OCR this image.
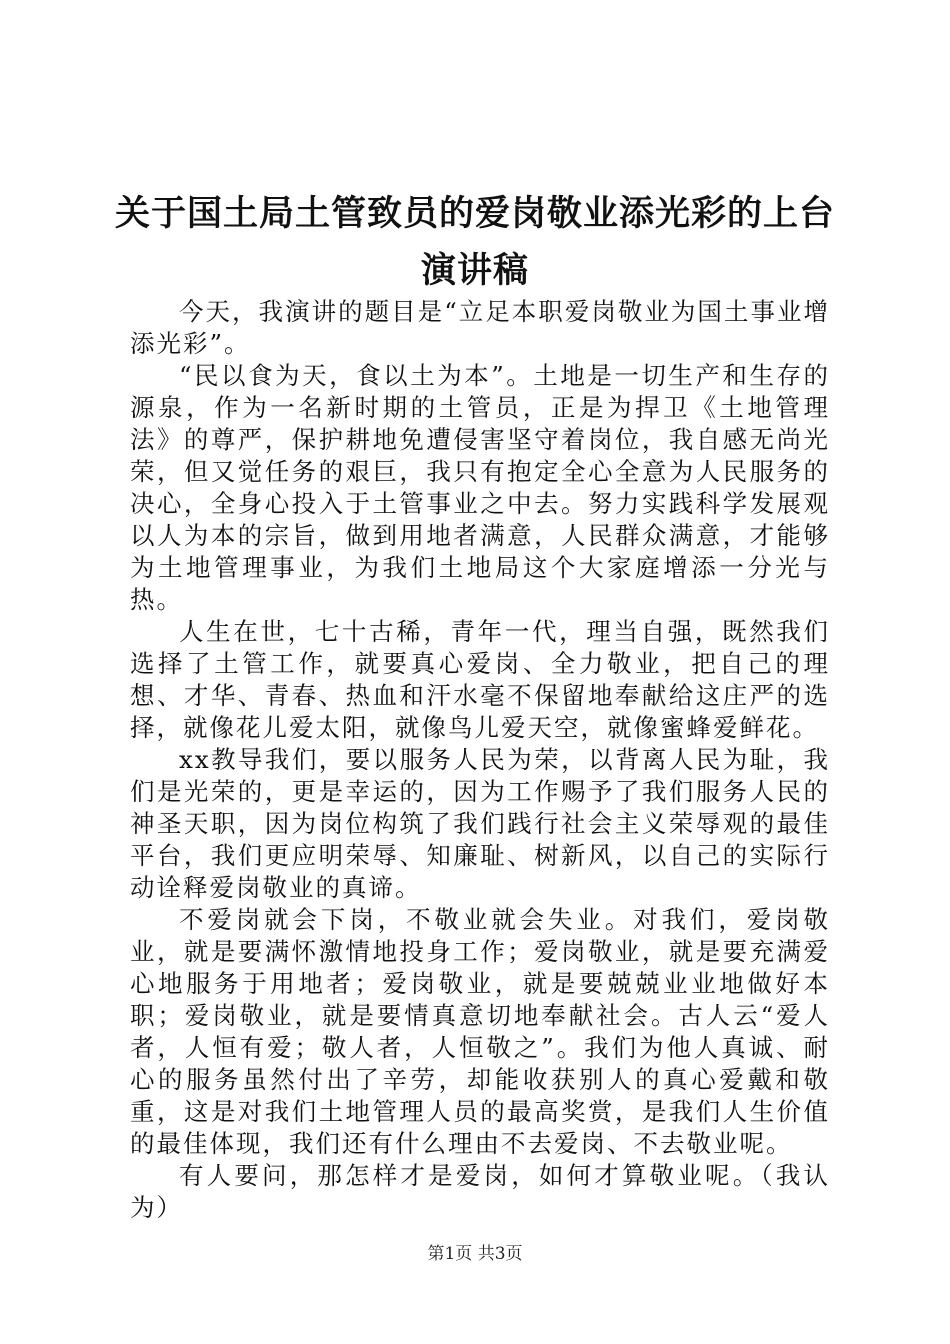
关于国土局土管致员的爱岗敬业添光彩的上台
演讲稿

今天，我演讲的题目是“立足本职爱岗敬业为国土事业增添光彩”。

“民以食为天，食以土为本”。土地是一切生产和生存的源泉，作为一名新时期的土管员，正是为捍卫《土地管理法》的尊严，保护耕地免遭侵害坚守着岗位，我自感无尚光荣，但又觉任务的艰巨，我只有抱定全心全意为人民服务的决心，全身心投入于土管事业之中去。努力实践科学发展观以人为本的宗旨，做到用地者满意，人民群众满意，才能够为土地管理事业，为我们土地局这个大家庭增添一分光与热。

人生在世，七十古稀，青年一代，理当自强，既然我们选择了土管工作，就要真心爱岗、全力敬业，把自己的理想、才华、青春、热血和汗水毫不保留地奉献给这庄严的选择，就像花儿爱太阳，就像鸟儿爱天空，就像蜜蜂爱鲜花。

xx教导我们，要以服务人民为荣，以背离人民为耻，我们是光荣的，更是幸运的，因为工作赐予了我们服务人民的神圣天职，因为岗位构筑了我们践行社会主义荣辱观的最佳平台，我们更应明荣辱、知廉耻、树新风，以自己的实际行动诠释爱岗敬业的真谛。

不爱岗就会下岗，不敬业就会失业。对我们，爱岗敬业，就是要满怀激情地投身工作；爱岗敬业，就是要充满爱心地服务于用地者；爱岗敬业，就是要兢兢业业地做好本职；爱岗敬业，就是要情真意切地奉献社会。古人云“爱人者，人恒有爱；敬人者，人恒敬之”。我们为他人真诚、耐心的服务虽然付出了辛劳，却能收获别人的真心爱戴和敬重，这是对我们土地管理人员的最高奖赏，是我们人生价值的最佳体现，我们还有什么理由不去爱岗、不去敬业呢。

有人要问，那怎样才是爱岗，如何才算敬业呢。（我认为）

第1页 共3页
